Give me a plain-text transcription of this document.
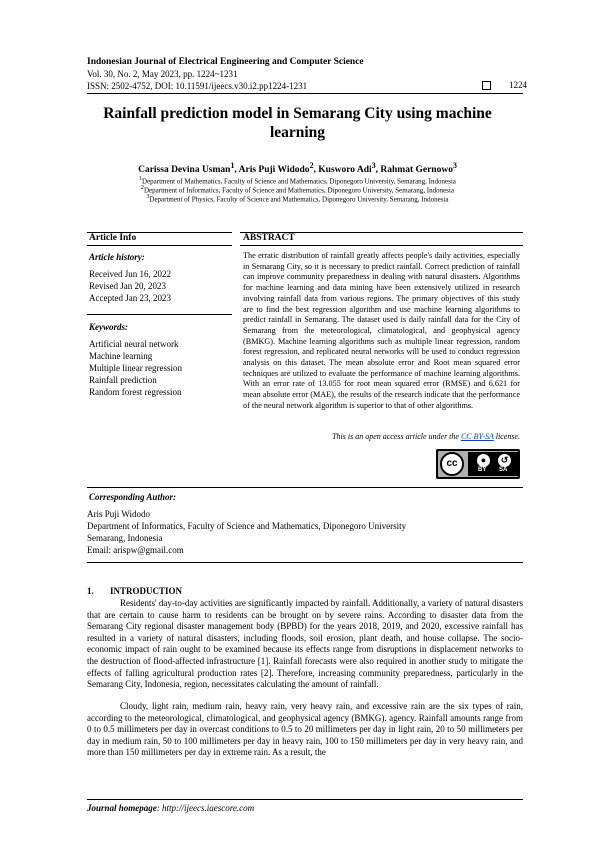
Indonesian Journal of Electrical Engineering and Computer Science
Vol. 30, No. 2, May 2023, pp. 1224~1231
ISSN: 2502-4752, DOI: 10.11591/ijeecs.v30.i2.pp1224-1231	1224
Rainfall prediction model in Semarang City using machine learning
Carissa Devina Usman$^1$, Aris Puji Widodo$^2$, Kusworo Adi$^3$, Rahmat Gernowo$^3$
$^1$Department of Mathematics, Faculty of Science and Mathematics, Diponegoro University, Semarang, Indonesia
$^2$Department of Informatics, Faculty of Science and Mathematics, Diponegoro University, Semarang, Indonesia
$^3$Department of Physics, Faculty of Science and Mathematics, Diponegoro University, Semarang, Indonesia
Article Info	ABSTRACT
Article history:
Received Jun 16, 2022
Revised Jan 20, 2023
Accepted Jan 23, 2023
Keywords:
Artificial neural network
Machine learning
Multiple linear regression
Rainfall prediction
Random forest regression
The erratic distribution of rainfall greatly affects people's daily activities, especially in Semarang City, so it is necessary to predict rainfall. Correct prediction of rainfall can improve community preparedness in dealing with natural disasters. Algorithms for machine learning and data mining have been extensively utilized in research involving rainfall data from various regions. The primary objectives of this study are to find the best regression algorithm and use machine learning algorithms to predict rainfall in Semarang. The dataset used is daily rainfall data for the City of Semarang from the meteorological, climatological, and geophysical agency (BMKG). Machine learning algorithms such as multiple linear regression, random forest regression, and replicated neural networks will be used to conduct regression analysis on this dataset. The mean absolute error and Root mean squared error techniques are utilized to evaluate the performance of machine learning algorithms. With an error rate of 13.055 for root mean squared error (RMSE) and 6.621 for mean absolute error (MAE), the results of the research indicate that the performance of the neural network algorithm is superior to that of other algorithms.
This is an open access article under the CC BY-SA license.
cc	●	↺
BY SA
Corresponding Author:
Aris Puji Widodo
Department of Informatics, Faculty of Science and Mathematics, Diponegoro University
Semarang, Indonesia
Email: arispw@gmail.com
1. INTRODUCTION
Residents' day-to-day activities are significantly impacted by rainfall. Additionally, a variety of natural disasters that are certain to cause harm to residents can be brought on by severe rains. According to disaster data from the Semarang City regional disaster management body (BPBD) for the years 2018, 2019, and 2020, excessive rainfall has resulted in a variety of natural disasters, including floods, soil erosion, plant death, and house collapse. The socio-economic impact of rain ought to be examined because its effects range from disruptions in displacement networks to the destruction of flood-affected infrastructure [1]. Rainfall forecasts were also required in another study to mitigate the effects of falling agricultural production rates [2]. Therefore, increasing community preparedness, particularly in the Semarang City, Indonesia, region, necessitates calculating the amount of rainfall.
Cloudy, light rain, medium rain, heavy rain, very heavy rain, and excessive rain are the six types of rain, according to the meteorological, climatological, and geophysical agency (BMKG). agency. Rainfall amounts range from 0 to 0.5 millimeters per day in overcast conditions to 0.5 to 20 millimeters per day in light rain, 20 to 50 millimeters per day in medium rain, 50 to 100 millimeters per day in heavy rain, 100 to 150 millimeters per day in very heavy rain, and more than 150 millimeters per day in extreme rain. As a result, the
Journal homepage: http://ijeecs.iaescore.com
